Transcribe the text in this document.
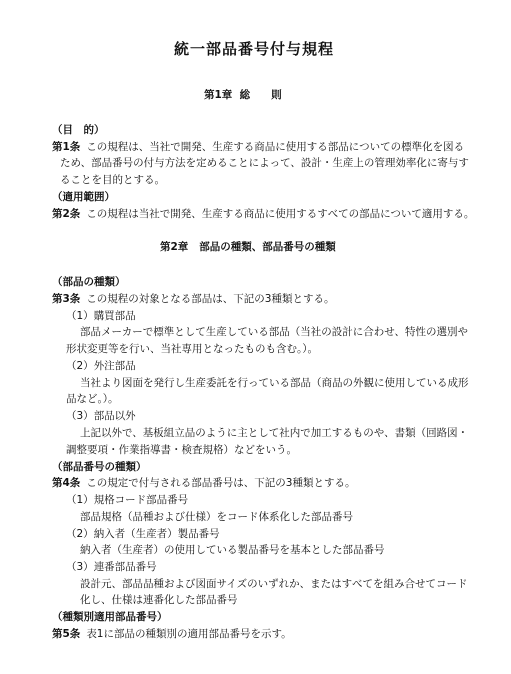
統一部品番号付与規程
第1章 総　　則
（目　的）
第1条 この規程は、当社で開発、生産する商品に使用する部品についての標準化を図る
ため、部品番号の付与方法を定めることによって、設計・生産上の管理効率化に寄与す
ることを目的とする。
（適用範囲）
第2条 この規程は当社で開発、生産する商品に使用するすべての部品について適用する。
第2章 部品の種類、部品番号の種類
（部品の種類）
第3条 この規程の対象となる部品は、下記の3種類とする。
（1）購買部品
部品メーカーで標準として生産している部品（当社の設計に合わせ、特性の選別や
形状変更等を行い、当社専用となったものも含む。）。
（2）外注部品
当社より図面を発行し生産委託を行っている部品（商品の外観に使用している成形
品など。）。
（3）部品以外
上記以外で、基板組立品のように主として社内で加工するものや、書類（回路図・
調整要項・作業指導書・検査規格）などをいう。
（部品番号の種類）
第4条 この規定で付与される部品番号は、下記の3種類とする。
（1）規格コード部品番号
部品規格（品種および仕様）をコード体系化した部品番号
（2）納入者（生産者）製品番号
納入者（生産者）の使用している製品番号を基本とした部品番号
（3）連番部品番号
設計元、部品品種および図面サイズのいずれか、またはすべてを組み合せてコード
化し、仕様は連番化した部品番号
（種類別適用部品番号）
第5条 表1に部品の種類別の適用部品番号を示す。
